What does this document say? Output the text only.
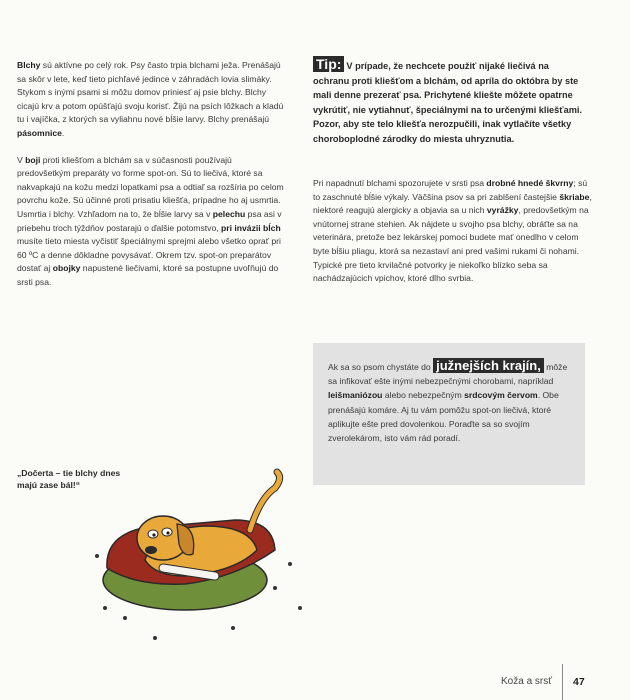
Blchy sú aktívne po celý rok. Psy často trpia blchami ježa. Prenášajú sa skôr v lete, keď tieto pichľavé jedince v záhradách lovia slimáky. Stykom s inými psami si môžu domov priniesť aj psie blchy. Blchy cicajú krv a potom opúšťajú svoju korisť. Žijú na psích lôžkach a kladú tu i vajíčka, z ktorých sa vyliahnu nové bĺšie larvy. Blchy prenášajú pásomnice.

V boji proti kliešťom a blchám sa v súčasnosti používajú predovšetkým preparáty vo forme spot-on. Sú to liečivá, ktoré sa nakvapkajú na kožu medzi lopatkami psa a odtiaľ sa rozšíria po celom povrchu kože. Sú účinné proti prisatiu kliešťa, prípadne ho aj usmrtia. Usmrtia i blchy. Vzhľadom na to, že bĺšie larvy sa v pelechu psa asi v priebehu troch týždňov postarajú o ďalšie potomstvo, pri invázii bĺch musíte tieto miesta vyčistiť špeciálnymi sprejmi alebo všetko oprať pri 60 ºC a denne dôkladne povysávať. Okrem tzv. spot-on preparátov dostať aj obojky napustené liečivami, ktoré sa postupne uvoľňujú do srsti psa.

Tip: V prípade, že nechcete použiť nijaké liečivá na ochranu proti kliešťom a blchám, od apríla do októbra by ste mali denne prezerať psa. Prichytené kliešte môžete opatrne vykrútiť, nie vytiahnuť, špeciálnymi na to určenými kliešťami. Pozor, aby ste telo kliešťa nerozpučili, inak vytlačíte všetky choroboplodné zárodky do miesta uhryznutia.

Pri napadnutí blchami spozorujete v srsti psa drobné hnedé škvrny; sú to zaschnuté bĺšie výkaly. Väčšina psov sa pri zablšení častejšie škriabe, niektoré reagujú alergicky a objavia sa u nich vyrážky, predovšetkým na vnútornej strane stehien. Ak nájdete u svojho psa blchy, obráťte sa na veterinára, pretože bez lekárskej pomoci budete mať onedlho v celom byte bĺšiu pliagu, ktorá sa nezastaví ani pred vašimi rukami či nohami. Typické pre tieto krvilačné potvorky je niekoľko blízko seba sa nachádzajúcich vpichov, ktoré dlho svrbia.

Ak sa so psom chystáte do južnejších krajín, môže sa infikovať ešte inými nebezpečnými chorobami, napríklad leišmaniózou alebo nebezpečným srdcovým červom. Obe prenášajú komáre. Aj tu vám pomôžu spot-on liečivá, ktoré aplikujte ešte pred dovolenkou. Poraďte sa so svojím zverolekárom, isto vám rád poradí.
„Dočerta – tie blchy dnes majú zase bál!“
Koža a srsť 47
